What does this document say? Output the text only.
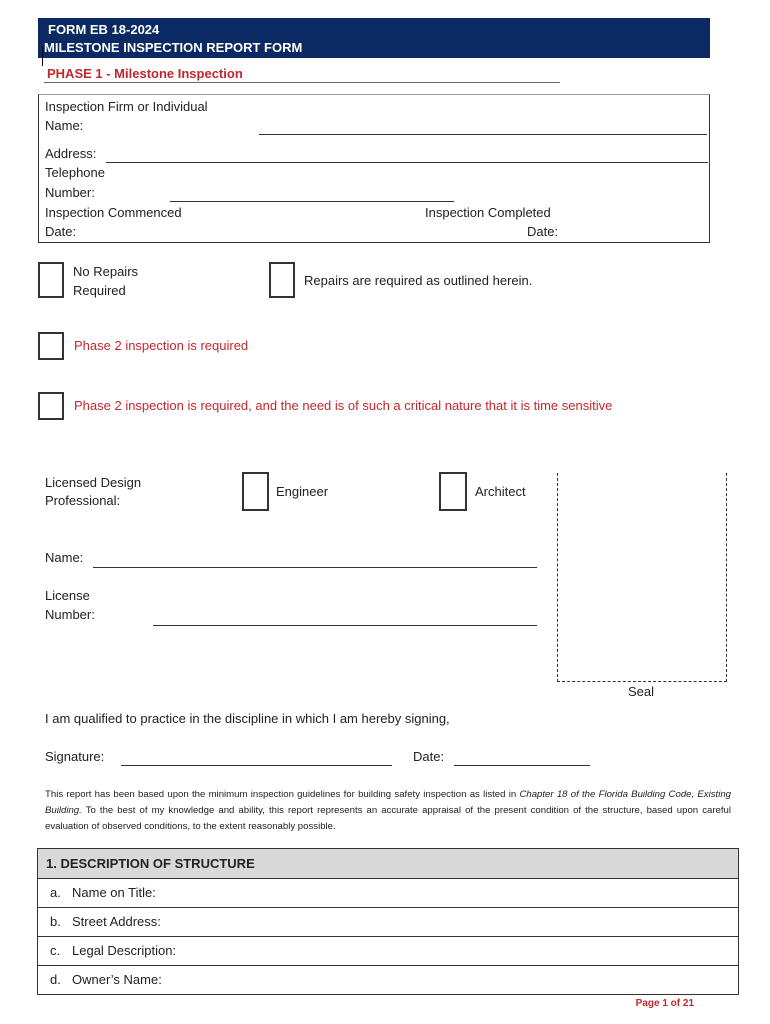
FORM EB 18-2024
MILESTONE INSPECTION REPORT FORM
PHASE 1 - Milestone Inspection
Inspection Firm or Individual
Name:
Address:
Telephone
Number:
Inspection Commenced
Date:
Inspection Completed
Date:
No Repairs
Required
Repairs are required as outlined herein.
Phase 2 inspection is required
Phase 2 inspection is required, and the need is of such a critical nature that it is time sensitive
Licensed Design
Professional:
Engineer	Architect
Seal
Name:
License
Number:
I am qualified to practice in the discipline in which I am hereby signing,
Signature:	Date:
This report has been based upon the minimum inspection guidelines for building safety inspection as listed in Chapter 18 of the Florida Building Code, Existing Building. To the best of my knowledge and ability, this report represents an accurate appraisal of the present condition of the structure, based upon careful evaluation of observed conditions, to the extent reasonably possible.
1. DESCRIPTION OF STRUCTURE
a. Name on Title:
b. Street Address:
c. Legal Description:
d. Owner’s Name:
Page 1 of 21
